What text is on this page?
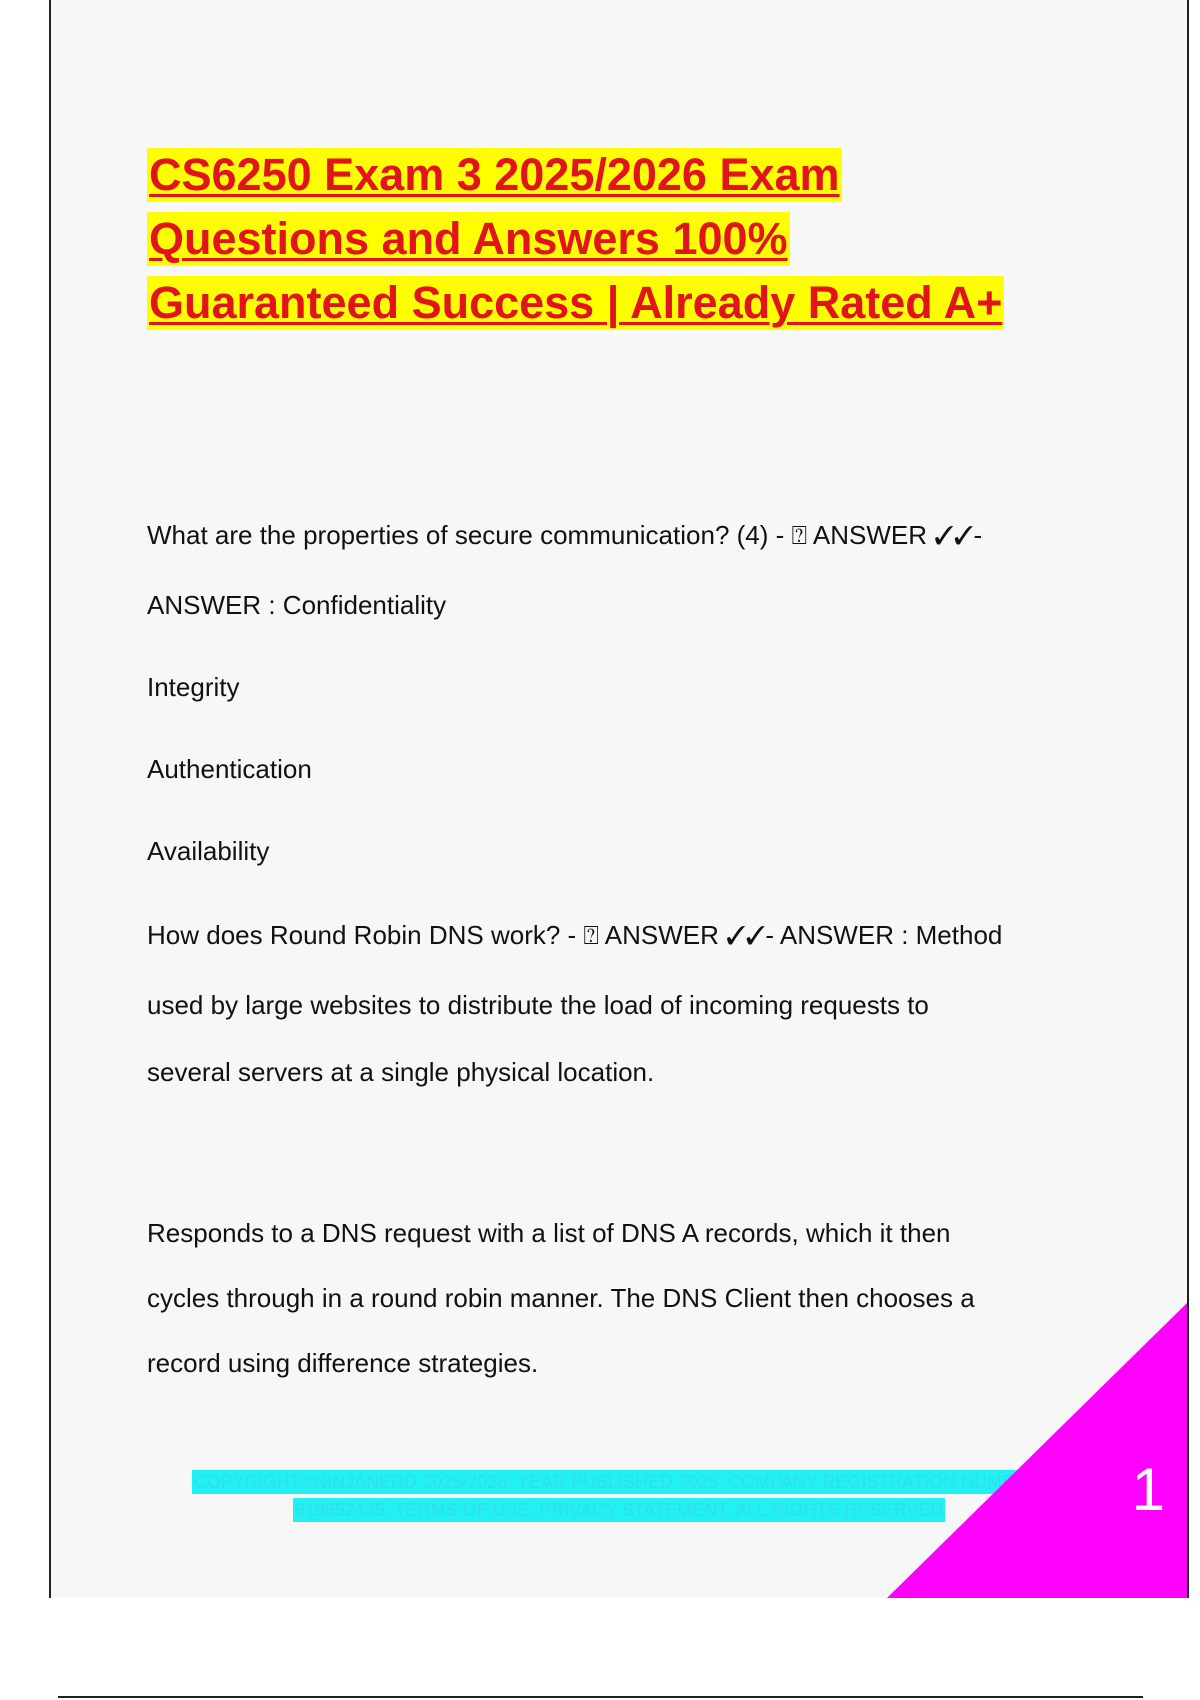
CS6250 Exam 3 2025/2026 Exam
Questions and Answers 100%
Guaranteed Success | Already Rated A+
What are the properties of secure communication? (4) - ⍰ ANSWER ✓✓-
ANSWER : Confidentiality
Integrity
Authentication
Availability
How does Round Robin DNS work? - ⍰ ANSWER ✓✓- ANSWER : Method
used by large websites to distribute the load of incoming requests to
several servers at a single physical location.
Responds to a DNS request with a list of DNS A records, which it then
cycles through in a round robin manner. The DNS Client then chooses a
record using difference strategies.
COPYRIGHT©NINJANERD 2025/2026. YEAR PUBLISHED 2025. COMPANY REGISTRATION NUMBER:
619652435. TERMS OF USE. PRIVACY STATEMENT. ALL RIGHTS RESERVED	1
